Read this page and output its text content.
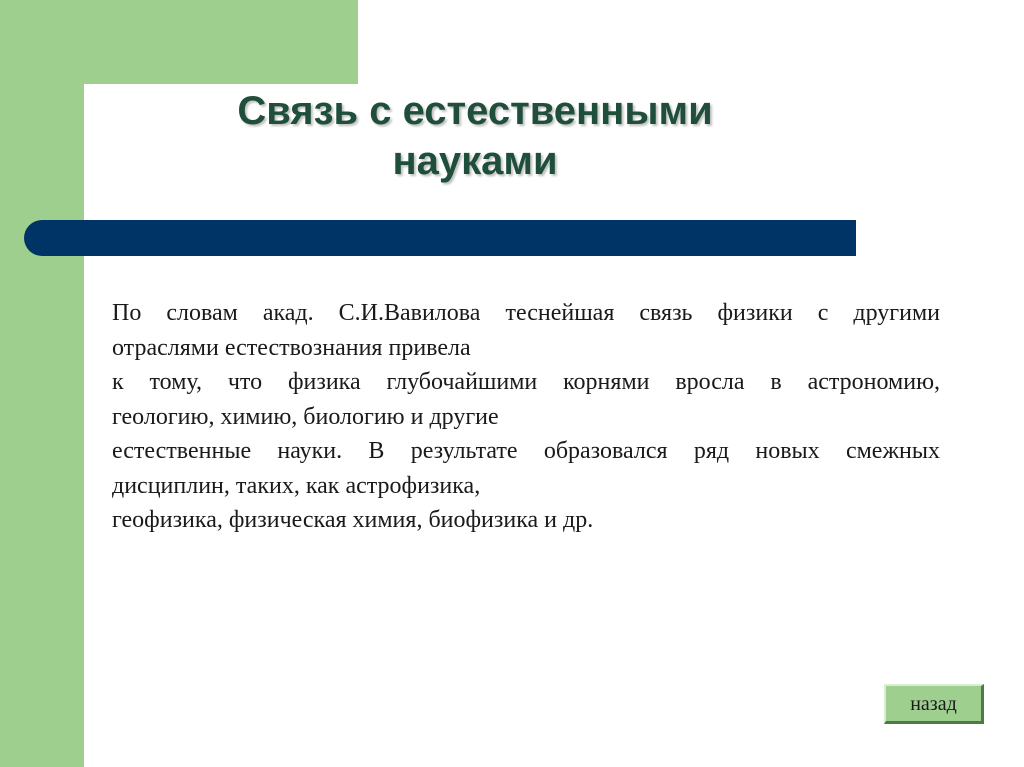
Связь с естественными
науками
По словам акад. С.И.Вавилова теснейшая связь физики с другими
отраслями естествознания привела
к тому, что физика глубочайшими корнями вросла в астрономию,
геологию, химию, биологию и другие
естественные науки. В результате образовался ряд новых смежных
дисциплин, таких, как астрофизика,
геофизика, физическая химия, биофизика и др.
назад
